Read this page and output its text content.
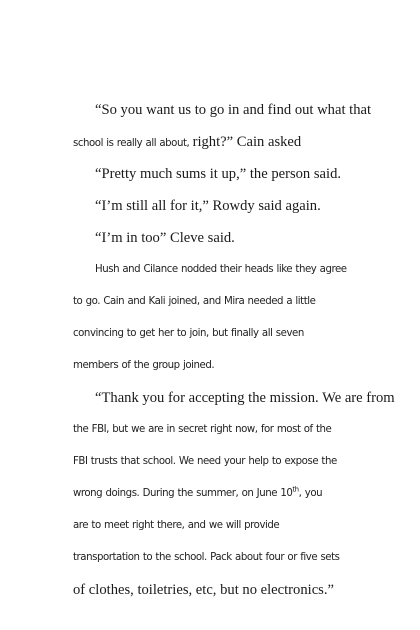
“So you want us to go in and find out what that
school is really all about, right?” Cain asked
“Pretty much sums it up,” the person said.
“I’m still all for it,” Rowdy said again.
“I’m in too” Cleve said.
Hush and Cilance nodded their heads like they agree
to go. Cain and Kali joined, and Mira needed a little
convincing to get her to join, but finally all seven
members of the group joined.
“Thank you for accepting the mission. We are from
the FBI, but we are in secret right now, for most of the
FBI trusts that school. We need your help to expose the
wrong doings. During the summer, on June 10th, you
are to meet right there, and we will provide
transportation to the school. Pack about four or five sets
of clothes, toiletries, etc, but no electronics.”
